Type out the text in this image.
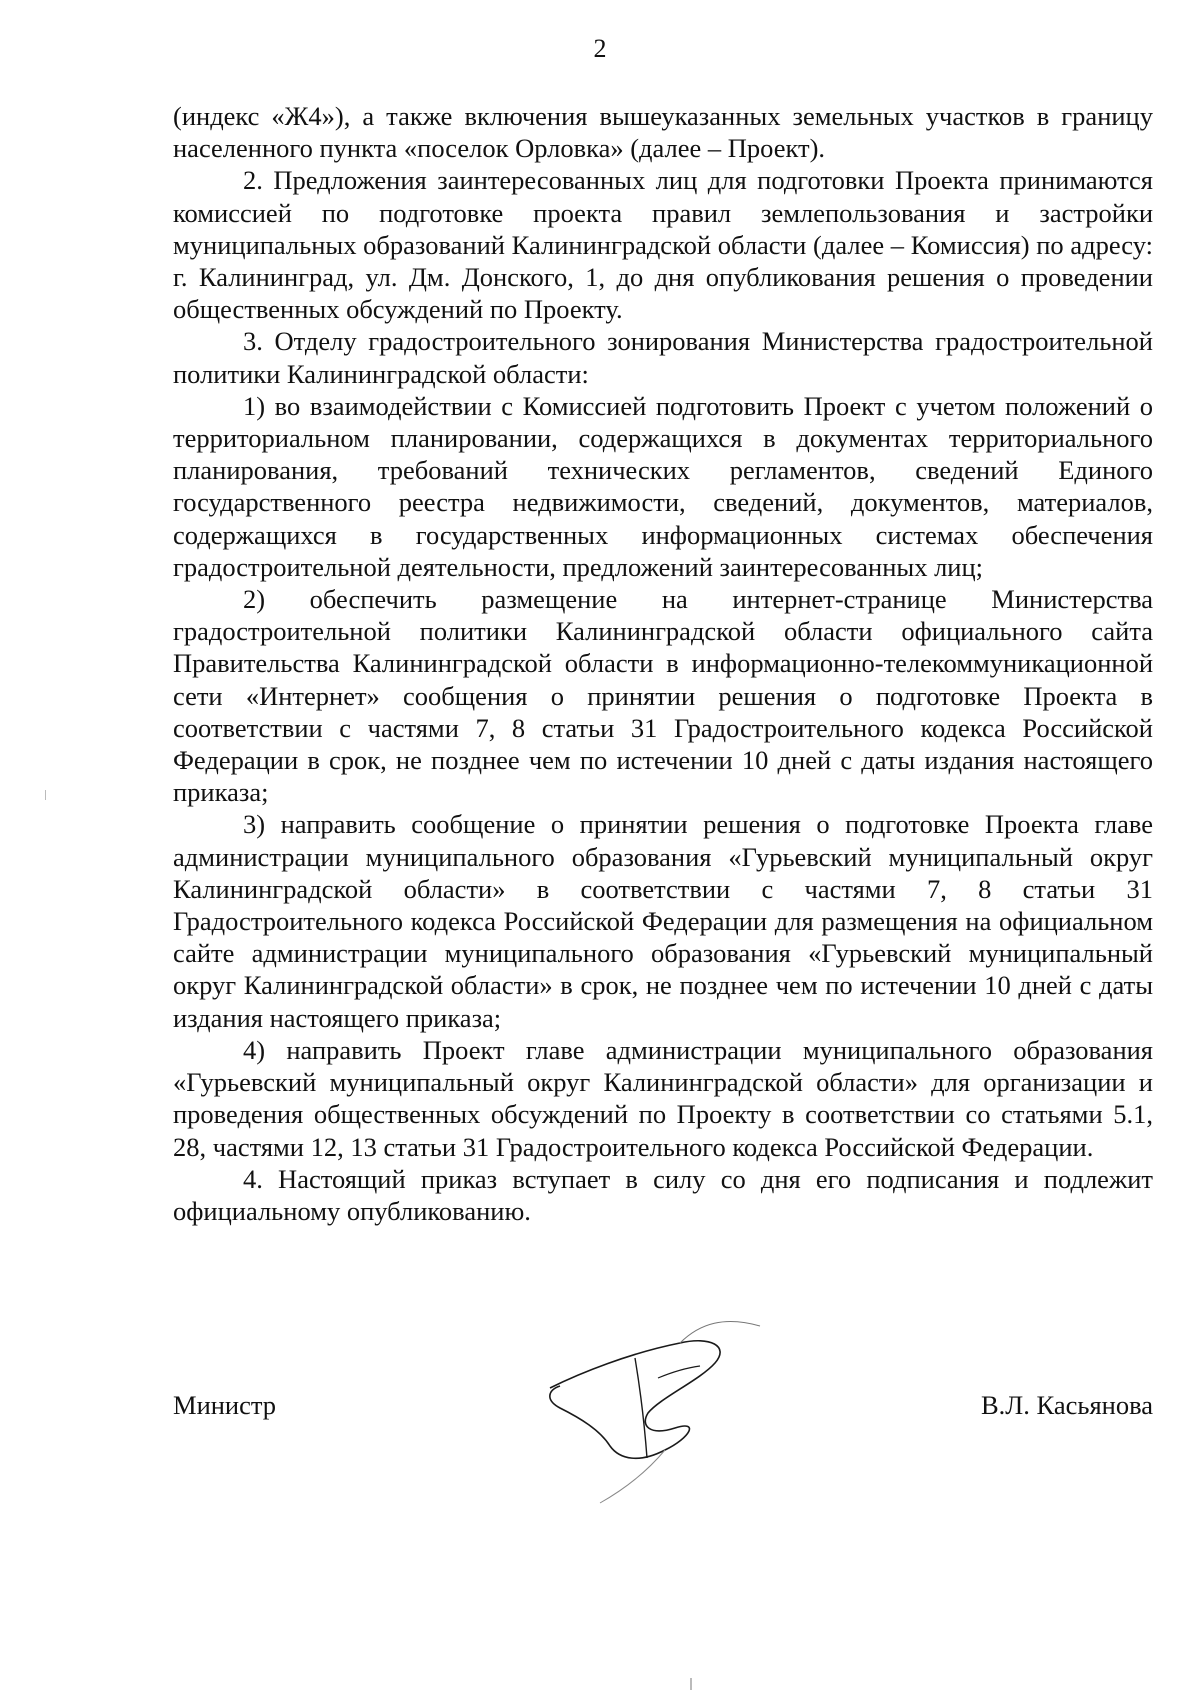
2

(индекс «Ж4»), а также включения вышеуказанных земельных участков в границу населенного пункта «поселок Орловка» (далее – Проект).

2. Предложения заинтересованных лиц для подготовки Проекта принимаются комиссией по подготовке проекта правил землепользования и застройки муниципальных образований Калининградской области (далее – Комиссия) по адресу: г. Калининград, ул. Дм. Донского, 1, до дня опубликования решения о проведении общественных обсуждений по Проекту.

3. Отделу градостроительного зонирования Министерства градостроительной политики Калининградской области:

1) во взаимодействии с Комиссией подготовить Проект с учетом положений о территориальном планировании, содержащихся в документах территориального планирования, требований технических регламентов, сведений Единого государственного реестра недвижимости, сведений, документов, материалов, содержащихся в государственных информационных системах обеспечения градостроительной деятельности, предложений заинтересованных лиц;

2) обеспечить размещение на интернет-странице Министерства градостроительной политики Калининградской области официального сайта Правительства Калининградской области в информационно-телекоммуникационной сети «Интернет» сообщения о принятии решения о подготовке Проекта в соответствии с частями 7, 8 статьи 31 Градостроительного кодекса Российской Федерации в срок, не позднее чем по истечении 10 дней с даты издания настоящего приказа;

3) направить сообщение о принятии решения о подготовке Проекта главе администрации муниципального образования «Гурьевский муниципальный округ Калининградской области» в соответствии с частями 7, 8 статьи 31 Градостроительного кодекса Российской Федерации для размещения на официальном сайте администрации муниципального образования «Гурьевский муниципальный округ Калининградской области» в срок, не позднее чем по истечении 10 дней с даты издания настоящего приказа;

4) направить Проект главе администрации муниципального образования «Гурьевский муниципальный округ Калининградской области» для организации и проведения общественных обсуждений по Проекту в соответствии со статьями 5.1, 28, частями 12, 13 статьи 31 Градостроительного кодекса Российской Федерации.

4. Настоящий приказ вступает в силу со дня его подписания и подлежит официальному опубликованию.

Министр	В.Л. Касьянова
